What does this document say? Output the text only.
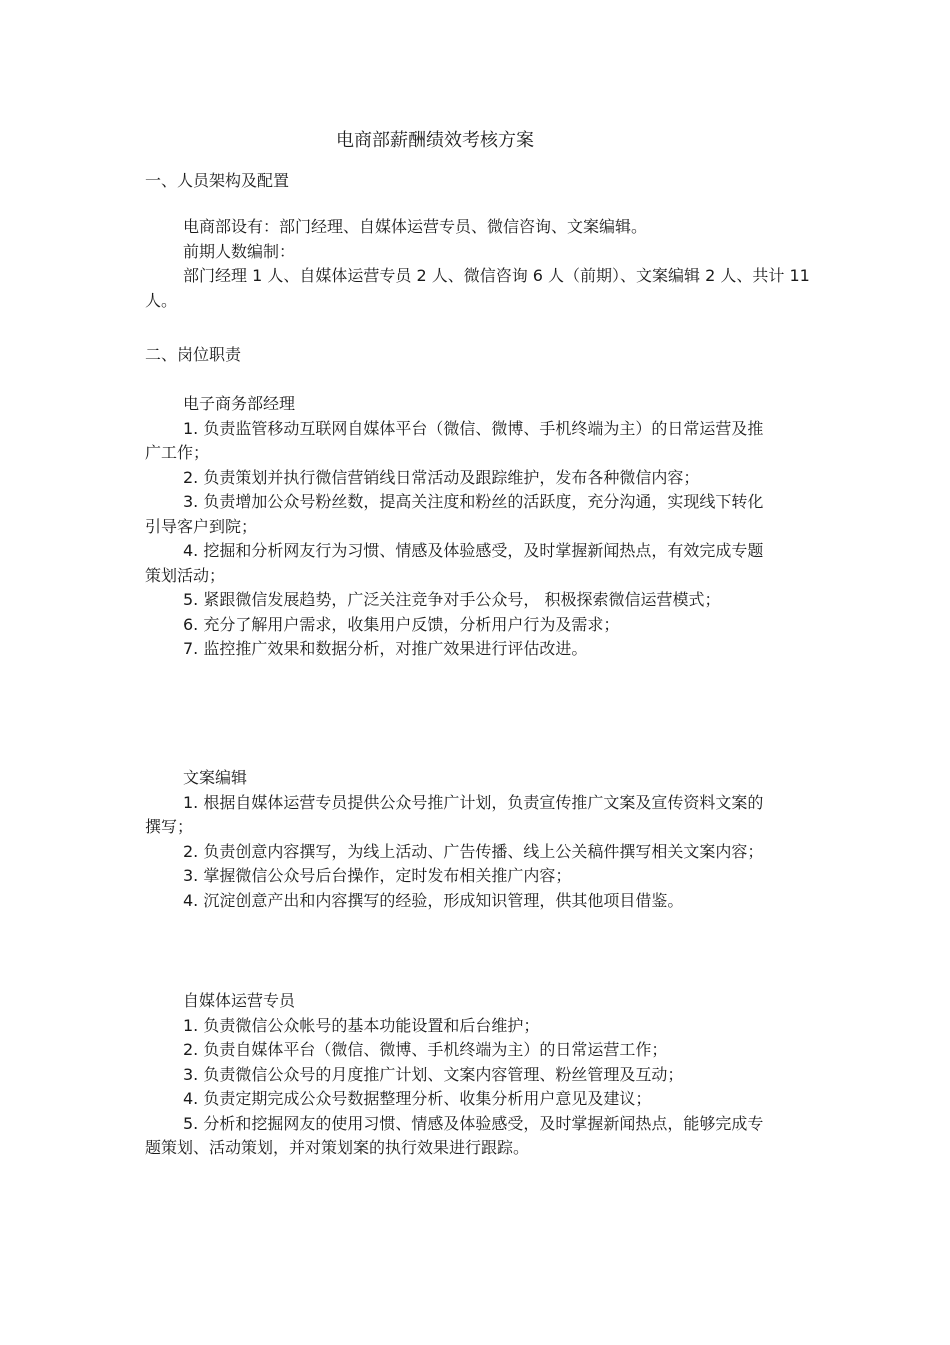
电商部薪酬绩效考核方案
一、人员架构及配置

电商部设有：部门经理、自媒体运营专员、微信咨询、文案编辑。

前期人数编制：

部门经理 1 人、自媒体运营专员 2 人、微信咨询 6 人（前期）、文案编辑 2 人、共计 11 人。

二、岗位职责

电子商务部经理

1. 负责监管移动互联网自媒体平台（微信、微博、手机终端为主）的日常运营及推广工作；

2. 负责策划并执行微信营销线日常活动及跟踪维护，发布各种微信内容；

3. 负责增加公众号粉丝数，提高关注度和粉丝的活跃度，充分沟通，实现线下转化引导客户到院；

4. 挖掘和分析网友行为习惯、情感及体验感受，及时掌握新闻热点，有效完成专题策划活动；

5. 紧跟微信发展趋势，广泛关注竞争对手公众号， 积极探索微信运营模式；

6. 充分了解用户需求，收集用户反馈，分析用户行为及需求；

7. 监控推广效果和数据分析，对推广效果进行评估改进。

文案编辑

1. 根据自媒体运营专员提供公众号推广计划，负责宣传推广文案及宣传资料文案的撰写；

2. 负责创意内容撰写，为线上活动、广告传播、线上公关稿件撰写相关文案内容；

3. 掌握微信公众号后台操作，定时发布相关推广内容；

4. 沉淀创意产出和内容撰写的经验，形成知识管理，供其他项目借鉴。

自媒体运营专员

1. 负责微信公众帐号的基本功能设置和后台维护；

2. 负责自媒体平台（微信、微博、手机终端为主）的日常运营工作；

3. 负责微信公众号的月度推广计划、文案内容管理、粉丝管理及互动；

4. 负责定期完成公众号数据整理分析、收集分析用户意见及建议；

5. 分析和挖掘网友的使用习惯、情感及体验感受，及时掌握新闻热点，能够完成专题策划、活动策划，并对策划案的执行效果进行跟踪。
